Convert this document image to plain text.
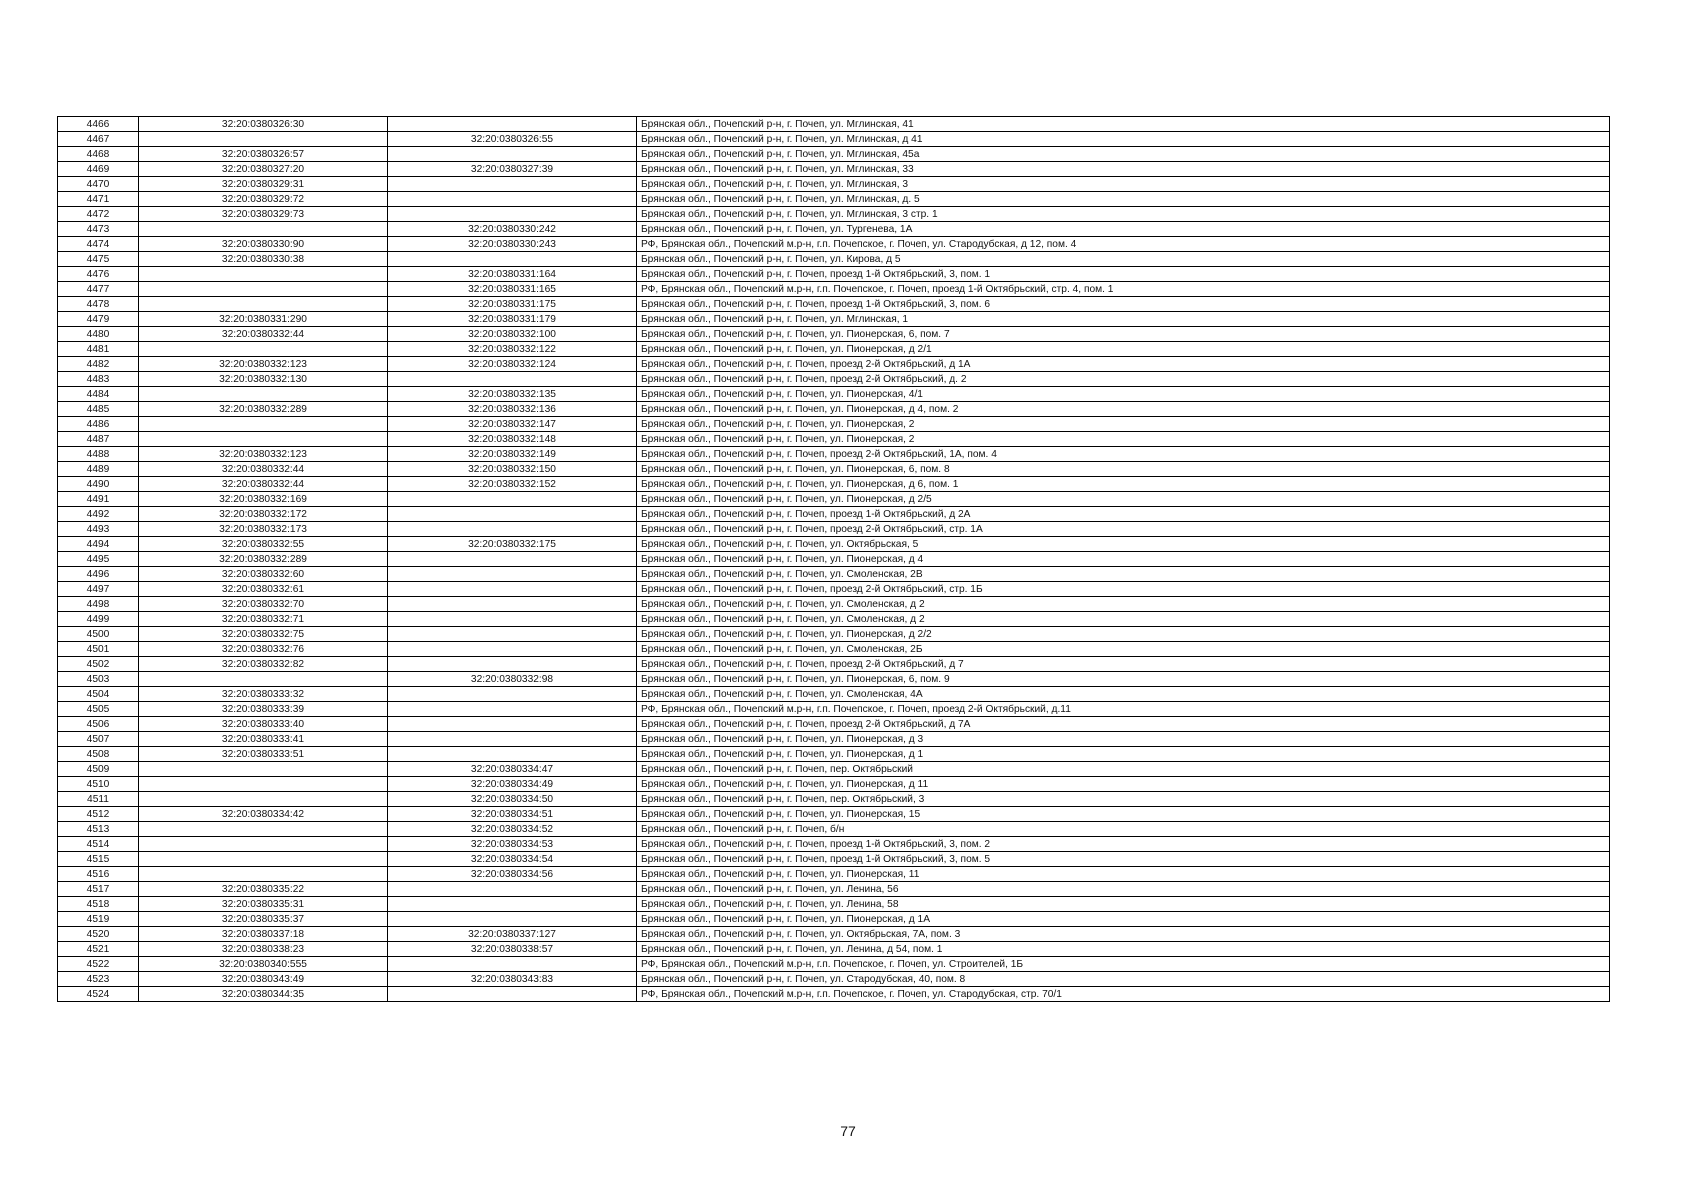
4466	32:20:0380326:30		Брянская обл., Почепский р-н, г. Почеп, ул. Мглинская, 41
4467		32:20:0380326:55	Брянская обл., Почепский р-н, г. Почеп, ул. Мглинская, д 41
4468	32:20:0380326:57		Брянская обл., Почепский р-н, г. Почеп, ул. Мглинская, 45а
4469	32:20:0380327:20	32:20:0380327:39	Брянская обл., Почепский р-н, г. Почеп, ул. Мглинская, 33
4470	32:20:0380329:31		Брянская обл., Почепский р-н, г. Почеп, ул. Мглинская, 3
4471	32:20:0380329:72		Брянская обл., Почепский р-н, г. Почеп, ул. Мглинская, д. 5
4472	32:20:0380329:73		Брянская обл., Почепский р-н, г. Почеп, ул. Мглинская, 3 стр. 1
4473		32:20:0380330:242	Брянская обл., Почепский р-н, г. Почеп, ул. Тургенева, 1А
4474	32:20:0380330:90	32:20:0380330:243	РФ, Брянская обл., Почепский м.р-н, г.п. Почепское, г. Почеп, ул. Стародубская, д 12, пом. 4
4475	32:20:0380330:38		Брянская обл., Почепский р-н, г. Почеп, ул. Кирова, д 5
4476		32:20:0380331:164	Брянская обл., Почепский р-н, г. Почеп, проезд 1-й Октябрьский, 3, пом. 1
4477		32:20:0380331:165	РФ, Брянская обл., Почепский м.р-н, г.п. Почепское, г. Почеп, проезд 1-й Октябрьский, стр. 4, пом. 1
4478		32:20:0380331:175	Брянская обл., Почепский р-н, г. Почеп, проезд 1-й Октябрьский, 3, пом. 6
4479	32:20:0380331:290	32:20:0380331:179	Брянская обл., Почепский р-н, г. Почеп, ул. Мглинская, 1
4480	32:20:0380332:44	32:20:0380332:100	Брянская обл., Почепский р-н, г. Почеп, ул. Пионерская, 6, пом. 7
4481		32:20:0380332:122	Брянская обл., Почепский р-н, г. Почеп, ул. Пионерская, д 2/1
4482	32:20:0380332:123	32:20:0380332:124	Брянская обл., Почепский р-н, г. Почеп, проезд 2-й Октябрьский, д 1А
4483	32:20:0380332:130		Брянская обл., Почепский р-н, г. Почеп, проезд 2-й Октябрьский, д. 2
4484		32:20:0380332:135	Брянская обл., Почепский р-н, г. Почеп, ул. Пионерская, 4/1
4485	32:20:0380332:289	32:20:0380332:136	Брянская обл., Почепский р-н, г. Почеп, ул. Пионерская, д 4, пом. 2
4486		32:20:0380332:147	Брянская обл., Почепский р-н, г. Почеп, ул. Пионерская, 2
4487		32:20:0380332:148	Брянская обл., Почепский р-н, г. Почеп, ул. Пионерская, 2
4488	32:20:0380332:123	32:20:0380332:149	Брянская обл., Почепский р-н, г. Почеп, проезд 2-й Октябрьский, 1А, пом. 4
4489	32:20:0380332:44	32:20:0380332:150	Брянская обл., Почепский р-н, г. Почеп, ул. Пионерская, 6, пом. 8
4490	32:20:0380332:44	32:20:0380332:152	Брянская обл., Почепский р-н, г. Почеп, ул. Пионерская, д 6, пом. 1
4491	32:20:0380332:169		Брянская обл., Почепский р-н, г. Почеп, ул. Пионерская, д 2/5
4492	32:20:0380332:172		Брянская обл., Почепский р-н, г. Почеп, проезд 1-й Октябрьский, д 2А
4493	32:20:0380332:173		Брянская обл., Почепский р-н, г. Почеп, проезд 2-й Октябрьский, стр. 1А
4494	32:20:0380332:55	32:20:0380332:175	Брянская обл., Почепский р-н, г. Почеп, ул. Октябрьская, 5
4495	32:20:0380332:289		Брянская обл., Почепский р-н, г. Почеп, ул. Пионерская, д 4
4496	32:20:0380332:60		Брянская обл., Почепский р-н, г. Почеп, ул. Смоленская, 2В
4497	32:20:0380332:61		Брянская обл., Почепский р-н, г. Почеп, проезд 2-й Октябрьский, стр. 1Б
4498	32:20:0380332:70		Брянская обл., Почепский р-н, г. Почеп, ул. Смоленская, д 2
4499	32:20:0380332:71		Брянская обл., Почепский р-н, г. Почеп, ул. Смоленская, д 2
4500	32:20:0380332:75		Брянская обл., Почепский р-н, г. Почеп, ул. Пионерская, д 2/2
4501	32:20:0380332:76		Брянская обл., Почепский р-н, г. Почеп, ул. Смоленская, 2Б
4502	32:20:0380332:82		Брянская обл., Почепский р-н, г. Почеп, проезд 2-й Октябрьский, д 7
4503		32:20:0380332:98	Брянская обл., Почепский р-н, г. Почеп, ул. Пионерская, 6, пом. 9
4504	32:20:0380333:32		Брянская обл., Почепский р-н, г. Почеп, ул. Смоленская, 4А
4505	32:20:0380333:39		РФ, Брянская обл., Почепский м.р-н, г.п. Почепское, г. Почеп, проезд 2-й Октябрьский, д.11
4506	32:20:0380333:40		Брянская обл., Почепский р-н, г. Почеп, проезд 2-й Октябрьский, д 7А
4507	32:20:0380333:41		Брянская обл., Почепский р-н, г. Почеп, ул. Пионерская, д 3
4508	32:20:0380333:51		Брянская обл., Почепский р-н, г. Почеп, ул. Пионерская, д 1
4509		32:20:0380334:47	Брянская обл., Почепский р-н, г. Почеп, пер. Октябрьский
4510		32:20:0380334:49	Брянская обл., Почепский р-н, г. Почеп, ул. Пионерская, д 11
4511		32:20:0380334:50	Брянская обл., Почепский р-н, г. Почеп, пер. Октябрьский, 3
4512	32:20:0380334:42	32:20:0380334:51	Брянская обл., Почепский р-н, г. Почеп, ул. Пионерская, 15
4513		32:20:0380334:52	Брянская обл., Почепский р-н, г. Почеп, б/н
4514		32:20:0380334:53	Брянская обл., Почепский р-н, г. Почеп, проезд 1-й Октябрьский, 3, пом. 2
4515		32:20:0380334:54	Брянская обл., Почепский р-н, г. Почеп, проезд 1-й Октябрьский, 3, пом. 5
4516		32:20:0380334:56	Брянская обл., Почепский р-н, г. Почеп, ул. Пионерская, 11
4517	32:20:0380335:22		Брянская обл., Почепский р-н, г. Почеп, ул. Ленина, 56
4518	32:20:0380335:31		Брянская обл., Почепский р-н, г. Почеп, ул. Ленина, 58
4519	32:20:0380335:37		Брянская обл., Почепский р-н, г. Почеп, ул. Пионерская, д 1А
4520	32:20:0380337:18	32:20:0380337:127	Брянская обл., Почепский р-н, г. Почеп, ул. Октябрьская, 7А, пом. 3
4521	32:20:0380338:23	32:20:0380338:57	Брянская обл., Почепский р-н, г. Почеп, ул. Ленина, д 54, пом. 1
4522	32:20:0380340:555		РФ, Брянская обл., Почепский м.р-н, г.п. Почепское, г. Почеп, ул. Строителей, 1Б
4523	32:20:0380343:49	32:20:0380343:83	Брянская обл., Почепский р-н, г. Почеп, ул. Стародубская, 40, пом. 8
4524	32:20:0380344:35		РФ, Брянская обл., Почепский м.р-н, г.п. Почепское, г. Почеп, ул. Стародубская, стр. 70/1
77
